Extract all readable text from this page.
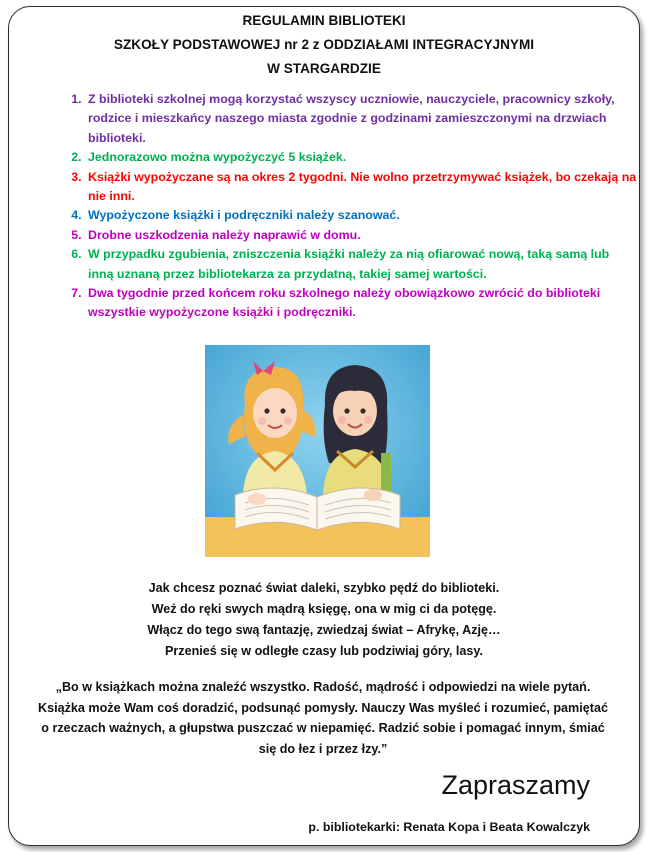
REGULAMIN BIBLIOTEKI
SZKOŁY PODSTAWOWEJ nr 2 z ODDZIAŁAMI INTEGRACYJNYMI
W STARGARDZIE
1. Z biblioteki szkolnej mogą korzystać wszyscy uczniowie, nauczyciele, pracownicy szkoły, rodzice i mieszkańcy naszego miasta zgodnie z godzinami zamieszczonymi na drzwiach biblioteki.
2. Jednorazowo można wypożyczyć 5 książek.
3. Książki wypożyczane są na okres 2 tygodni. Nie wolno przetrzymywać książek, bo czekają na nie inni.
4. Wypożyczone książki i podręczniki należy szanować.
5. Drobne uszkodzenia należy naprawić w domu.
6. W przypadku zgubienia, zniszczenia książki należy za nią ofiarować nową, taką samą lub inną uznaną przez bibliotekarza za przydatną, takiej samej wartości.
7. Dwa tygodnie przed końcem roku szkolnego należy obowiązkowo zwrócić do biblioteki wszystkie wypożyczone książki i podręczniki.
Jak chcesz poznać świat daleki, szybko pędź do biblioteki.
Weź do ręki swych mądrą księgę, ona w mig ci da potęgę.
Włącz do tego swą fantazję, zwiedzaj świat – Afrykę, Azję…
Przenieś się w odległe czasy lub podziwiaj góry, lasy.
„Bo w książkach można znaleźć wszystko. Radość, mądrość i odpowiedzi na wiele pytań. Książka może Wam coś doradzić, podsunąć pomysły. Nauczy Was myśleć i rozumieć, pamiętać o rzeczach ważnych, a głupstwa puszczać w niepamięć. Radzić sobie i pomagać innym, śmiać się do łez i przez łzy.”
Zapraszamy
p. bibliotekarki: Renata Kopa i Beata Kowalczyk
